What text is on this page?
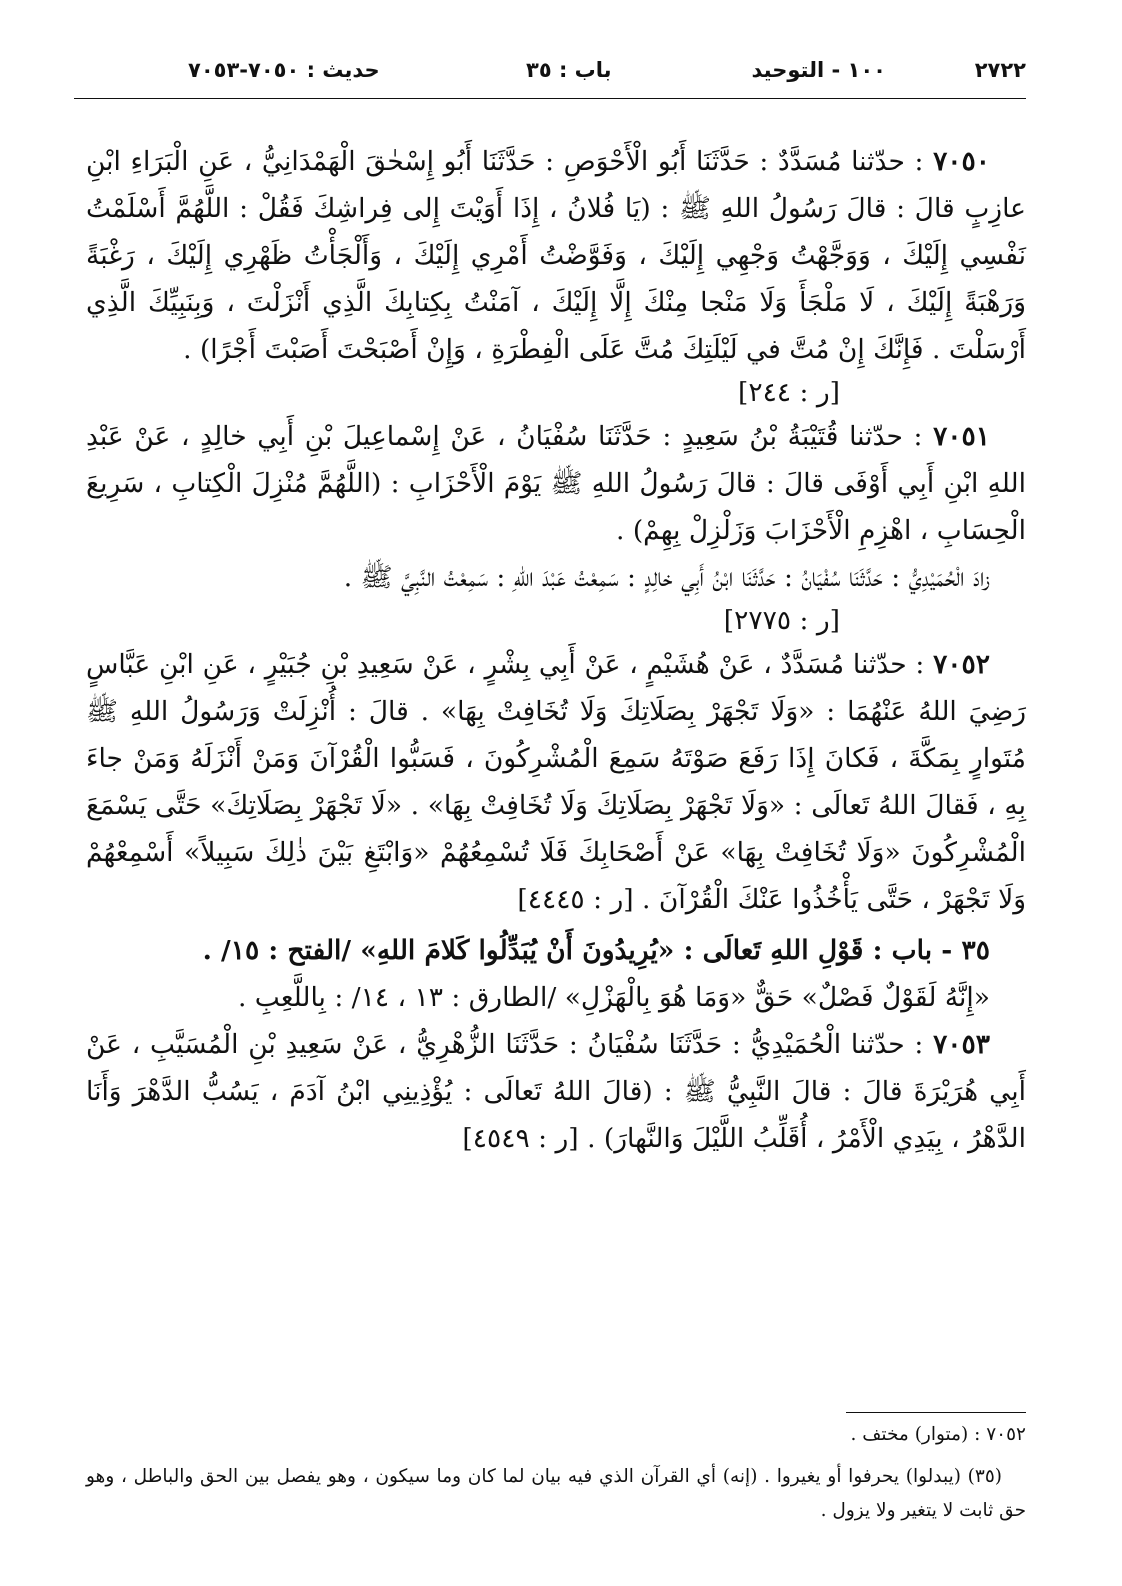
٢٧٢٢
١٠٠ - التوحيد
باب : ٣٥
حديث : ٧٠٥٠-٧٠٥٣

٧٠٥٠ : حدّثنا مُسَدَّدٌ : حَدَّثَنَا أَبُو الْأَحْوَصِ : حَدَّثَنَا أَبُو إِسْحٰقَ الْهَمْدَانِيُّ ، عَنِ الْبَرَاءِ ابْنِ عازِبٍ قالَ : قالَ رَسُولُ اللهِ ﷺ : (يَا فُلانُ ، إِذَا أَوَيْتَ إِلى فِراشِكَ فَقُلْ : اللَّهُمَّ أَسْلَمْتُ نَفْسِي إِلَيْكَ ، وَوَجَّهْتُ وَجْهِي إِلَيْكَ ، وَفَوَّضْتُ أَمْرِي إِلَيْكَ ، وَأَلْجَأْتُ ظَهْرِي إِلَيْكَ ، رَغْبَةً وَرَهْبَةً إِلَيْكَ ، لَا مَلْجَأَ وَلَا مَنْجا مِنْكَ إِلَّا إِلَيْكَ ، آمَنْتُ بِكِتابِكَ الَّذِي أَنْزَلْتَ ، وَبِنَبِيِّكَ الَّذِي أَرْسَلْتَ . فَإِنَّكَ إِنْ مُتَّ في لَيْلَتِكَ مُتَّ عَلَى الْفِطْرَةِ ، وَإِنْ أَصْبَحْتَ أَصَبْتَ أَجْرًا) .
[ر : ٢٤٤]

٧٠٥١ : حدّثنا قُتَيْبَةُ بْنُ سَعِيدٍ : حَدَّثَنَا سُفْيَانُ ، عَنْ إِسْماعِيلَ بْنِ أَبِي خالِدٍ ، عَنْ عَبْدِ اللهِ ابْنِ أَبِي أَوْفَى قالَ : قالَ رَسُولُ اللهِ ﷺ يَوْمَ الْأَحْزَابِ : (اللَّهُمَّ مُنْزِلَ الْكِتابِ ، سَرِيعَ الْحِسَابِ ، اهْزِمِ الْأَحْزَابَ وَزَلْزِلْ بِهِمْ) .

زادَ الْحُمَيْدِيُّ : حَدَّثَنَا سُفْيَانُ : حَدَّثَنَا ابْنُ أَبِي خالِدٍ : سَمِعْتُ عَبْدَ اللهِ : سَمِعْتُ النَّبِيَّ ﷺ .
[ر : ٢٧٧٥]

٧٠٥٢ : حدّثنا مُسَدَّدٌ ، عَنْ هُشَيْمٍ ، عَنْ أَبِي بِشْرٍ ، عَنْ سَعِيدِ بْنِ جُبَيْرٍ ، عَنِ ابْنِ عَبَّاسٍ رَضِيَ اللهُ عَنْهُمَا : «وَلَا تَجْهَرْ بِصَلَاتِكَ وَلَا تُخَافِتْ بِهَا» . قالَ : أُنْزِلَتْ وَرَسُولُ اللهِ ﷺ مُتَوارٍ بِمَكَّةَ ، فَكانَ إِذَا رَفَعَ صَوْتَهُ سَمِعَ الْمُشْرِكُونَ ، فَسَبُّوا الْقُرْآنَ وَمَنْ أَنْزَلَهُ وَمَنْ جاءَ بِهِ ، فَقالَ اللهُ تَعالَى : «وَلَا تَجْهَرْ بِصَلَاتِكَ وَلَا تُخَافِتْ بِهَا» . «لَا تَجْهَرْ بِصَلَاتِكَ» حَتَّى يَسْمَعَ الْمُشْرِكُونَ «وَلَا تُخَافِتْ بِهَا» عَنْ أَصْحَابِكَ فَلَا تُسْمِعُهُمْ «وَابْتَغِ بَيْنَ ذٰلِكَ سَبِيلاً» أَسْمِعْهُمْ وَلَا تَجْهَرْ ، حَتَّى يَأْخُذُوا عَنْكَ الْقُرْآنَ . [ر : ٤٤٤٥]

٣٥ - باب : قَوْلِ اللهِ تَعالَى : «يُرِيدُونَ أَنْ يُبَدِّلُوا كَلامَ اللهِ» /الفتح : ١٥/ .

«إِنَّهُ لَقَوْلٌ فَصْلٌ» حَقٌّ «وَمَا هُوَ بِالْهَزْلِ» /الطارق : ١٣ ، ١٤/ : بِاللَّعِبِ .

٧٠٥٣ : حدّثنا الْحُمَيْدِيُّ : حَدَّثَنَا سُفْيَانُ : حَدَّثَنَا الزُّهْرِيُّ ، عَنْ سَعِيدِ بْنِ الْمُسَيَّبِ ، عَنْ أَبِي هُرَيْرَةَ قالَ : قالَ النَّبِيُّ ﷺ : (قالَ اللهُ تَعالَى : يُؤْذِينِي ابْنُ آدَمَ ، يَسُبُّ الدَّهْرَ وَأَنَا الدَّهْرُ ، بِيَدِي الْأَمْرُ ، أُقَلِّبُ اللَّيْلَ وَالنَّهارَ) . [ر : ٤٥٤٩]

٧٠٥٢ : (متوار) مختف .

(٣٥) (يبدلوا) يحرفوا أو يغيروا . (إنه) أي القرآن الذي فيه بيان لما كان وما سيكون ، وهو يفصل بين الحق والباطل ، وهو حق ثابت لا يتغير ولا يزول .
